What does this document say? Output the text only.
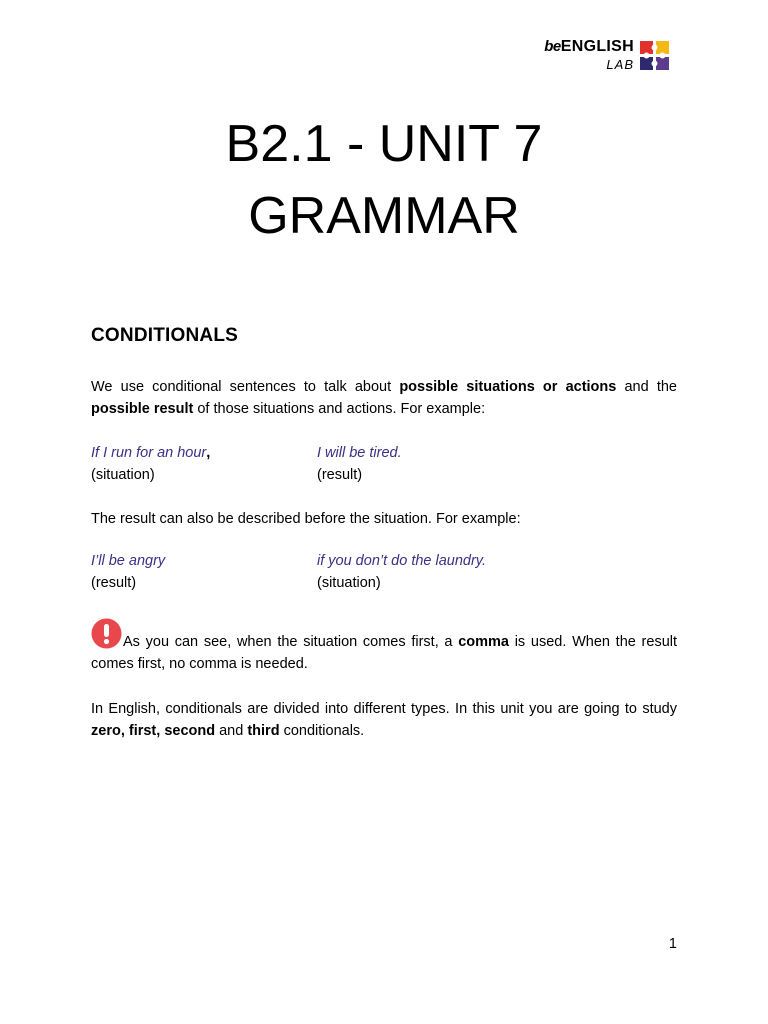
beENGLISH
LAB
B2.1 - UNIT 7
GRAMMAR
CONDITIONALS
We use conditional sentences to talk about possible situations or actions and the possible result of those situations and actions. For example:
If I run for an hour,	I will be tired.
(situation)	(result)
The result can also be described before the situation. For example:
I’ll be angry	if you don’t do the laundry.
(result)	(situation)
As you can see, when the situation comes first, a comma is used. When the result comes first, no comma is needed.
In English, conditionals are divided into different types. In this unit you are going to study zero, first, second and third conditionals.
1
